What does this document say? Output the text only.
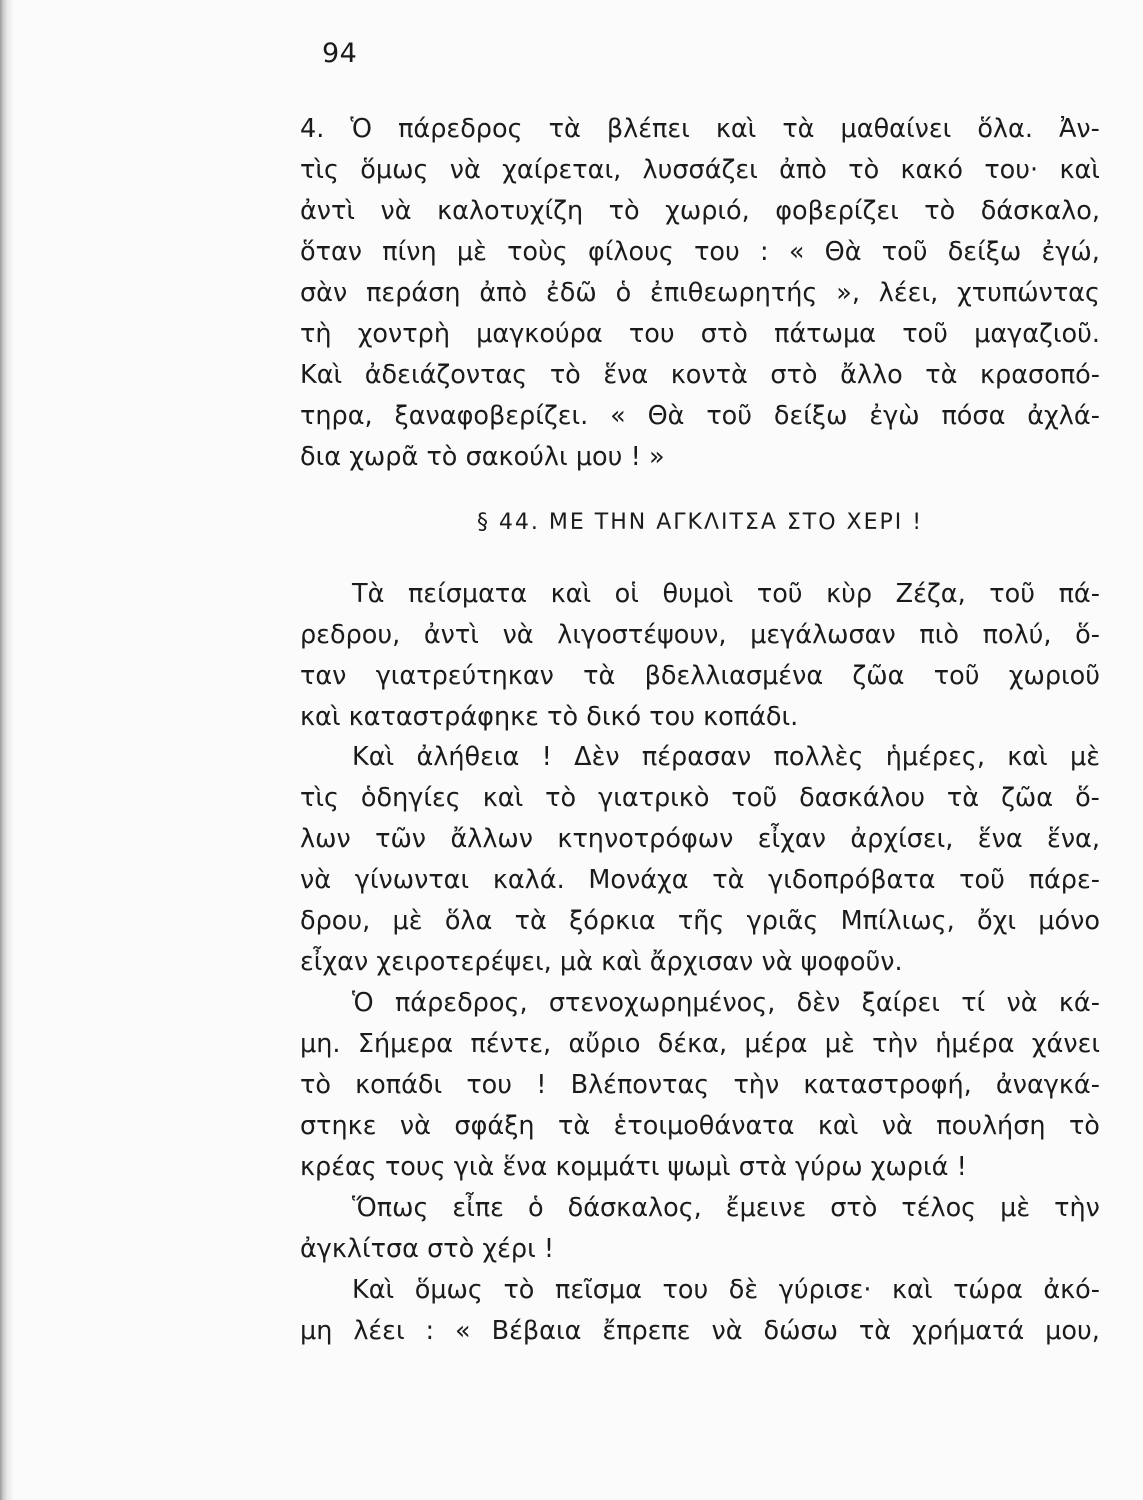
94
4. Ὁ πάρεδρος τὰ βλέπει καὶ τὰ μαθαίνει ὅλα. Ἀν-
τὶς ὅμως νὰ χαίρεται, λυσσάζει ἀπὸ τὸ κακό του· καὶ
ἀντὶ νὰ καλοτυχίζη τὸ χωριό, φοβερίζει τὸ δάσκαλο,
ὅταν πίνη μὲ τοὺς φίλους του : « Θὰ τοῦ δείξω ἐγώ,
σὰν περάση ἀπὸ ἐδῶ ὁ ἐπιθεωρητής », λέει, χτυπώντας
τὴ χοντρὴ μαγκούρα του στὸ πάτωμα τοῦ μαγαζιοῦ.
Καὶ ἀδειάζοντας τὸ ἕνα κοντὰ στὸ ἄλλο τὰ κρασοπό-
τηρα, ξαναφοβερίζει. « Θὰ τοῦ δείξω ἐγὼ πόσα ἀχλά-
δια χωρᾶ τὸ σακούλι μου ! »
§ 44. ΜΕ ΤΗΝ ΑΓΚΛΙΤΣΑ ΣΤΟ ΧΕΡΙ !
Τὰ πείσματα καὶ οἱ θυμοὶ τοῦ κὺρ Ζέζα, τοῦ πά-
ρεδρου, ἀντὶ νὰ λιγοστέψουν, μεγάλωσαν πιὸ πολύ, ὅ-
ταν γιατρεύτηκαν τὰ βδελλιασμένα ζῶα τοῦ χωριοῦ
καὶ καταστράφηκε τὸ δικό του κοπάδι.
Καὶ ἀλήθεια ! Δὲν πέρασαν πολλὲς ἡμέρες, καὶ μὲ
τὶς ὁδηγίες καὶ τὸ γιατρικὸ τοῦ δασκάλου τὰ ζῶα ὅ-
λων τῶν ἄλλων κτηνοτρόφων εἶχαν ἀρχίσει, ἕνα ἕνα,
νὰ γίνωνται καλά. Μονάχα τὰ γιδοπρόβατα τοῦ πάρε-
δρου, μὲ ὅλα τὰ ξόρκια τῆς γριᾶς Μπίλιως, ὄχι μόνο
εἶχαν χειροτερέψει, μὰ καὶ ἄρχισαν νὰ ψοφοῦν.
Ὁ πάρεδρος, στενοχωρημένος, δὲν ξαίρει τί νὰ κά-
μη. Σήμερα πέντε, αὔριο δέκα, μέρα μὲ τὴν ἡμέρα χάνει
τὸ κοπάδι του ! Βλέποντας τὴν καταστροφή, ἀναγκά-
στηκε νὰ σφάξη τὰ ἑτοιμοθάνατα καὶ νὰ πουλήση τὸ
κρέας τους γιὰ ἕνα κομμάτι ψωμὶ στὰ γύρω χωριά !
Ὅπως εἶπε ὁ δάσκαλος, ἔμεινε στὸ τέλος μὲ τὴν
ἀγκλίτσα στὸ χέρι !
Καὶ ὅμως τὸ πεῖσμα του δὲ γύρισε· καὶ τώρα ἀκό-
μη λέει : « Βέβαια ἔπρεπε νὰ δώσω τὰ χρήματά μου,
